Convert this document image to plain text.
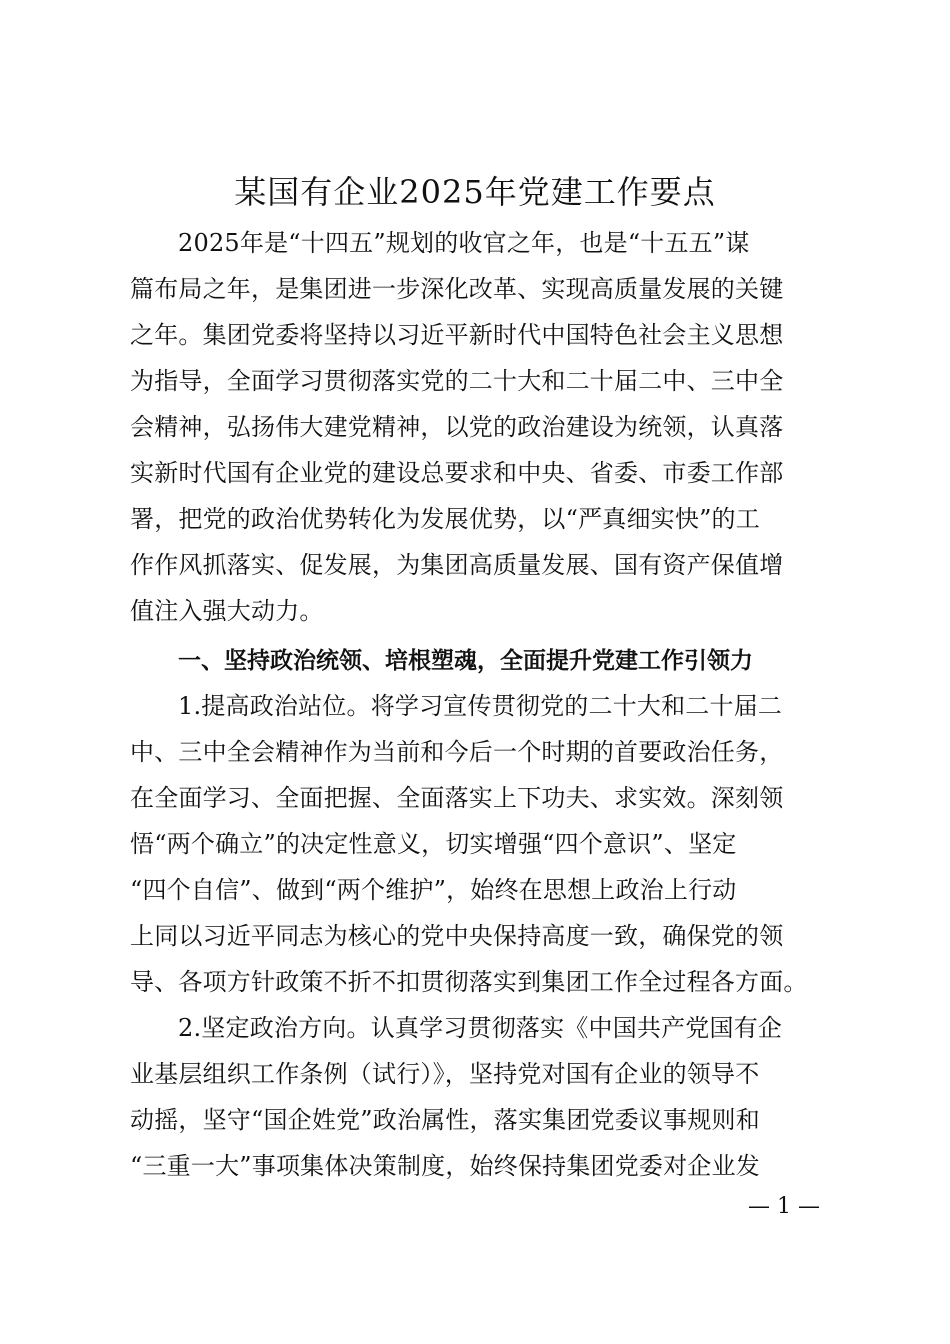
某国有企业2025年党建工作要点
2025年是“十四五”规划的收官之年，也是“十五五”谋
篇布局之年，是集团进一步深化改革、实现高质量发展的关键
之年。集团党委将坚持以习近平新时代中国特色社会主义思想
为指导，全面学习贯彻落实党的二十大和二十届二中、三中全
会精神，弘扬伟大建党精神，以党的政治建设为统领，认真落
实新时代国有企业党的建设总要求和中央、省委、市委工作部
署，把党的政治优势转化为发展优势，以“严真细实快”的工
作作风抓落实、促发展，为集团高质量发展、国有资产保值增
值注入强大动力。
一、坚持政治统领、培根塑魂，全面提升党建工作引领力
1.提高政治站位。将学习宣传贯彻党的二十大和二十届二
中、三中全会精神作为当前和今后一个时期的首要政治任务，
在全面学习、全面把握、全面落实上下功夫、求实效。深刻领
悟“两个确立”的决定性意义，切实增强“四个意识”、坚定
“四个自信”、做到“两个维护”，始终在思想上政治上行动
上同以习近平同志为核心的党中央保持高度一致，确保党的领
导、各项方针政策不折不扣贯彻落实到集团工作全过程各方面。
2.坚定政治方向。认真学习贯彻落实《中国共产党国有企
业基层组织工作条例（试行）》，坚持党对国有企业的领导不
动摇，坚守“国企姓党”政治属性，落实集团党委议事规则和
“三重一大”事项集体决策制度，始终保持集团党委对企业发
— 1 —
